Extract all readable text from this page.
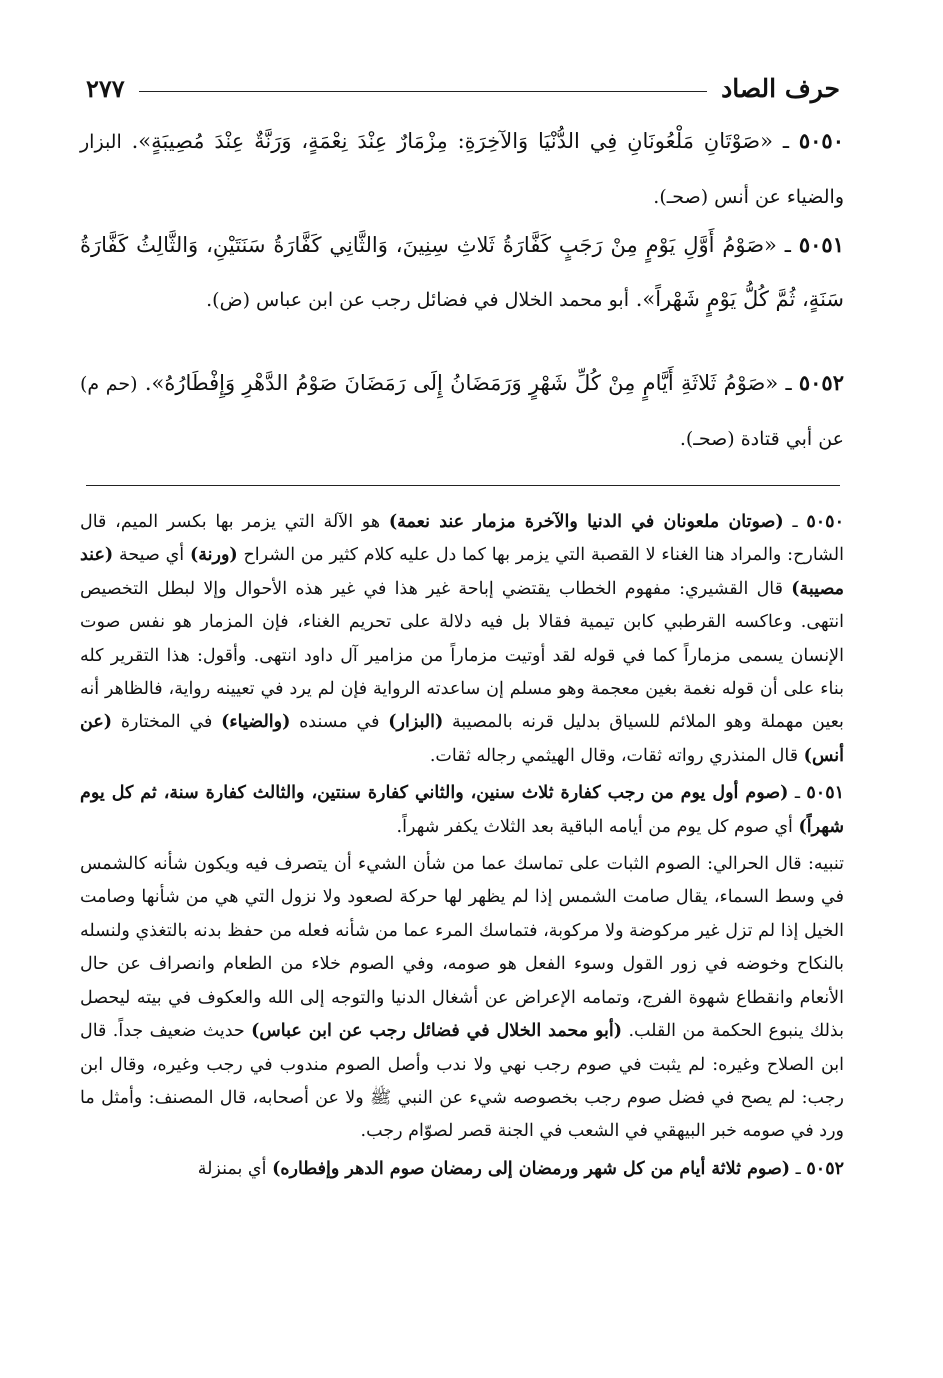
حرف الصاد
٢٧٧
٥٠٥٠ ـ «صَوْتَانِ مَلْعُونَانِ فِي الدُّنْيَا وَالآخِرَةِ: مِزْمَارٌ عِنْدَ نِعْمَةٍ، وَرَنَّةٌ عِنْدَ مُصِيبَةٍ». البزار والضياء عن أنس (صحـ).
٥٠٥١ ـ «صَوْمُ أَوَّلِ يَوْمٍ مِنْ رَجَبٍ كَفَّارَةُ ثَلاثِ سِنِينَ، وَالثَّانِي كَفَّارَةُ سَنَتَيْنِ، وَالثَّالِثُ كَفَّارَةُ سَنَةٍ، ثُمَّ كُلُّ يَوْمٍ شَهْراً». أبو محمد الخلال في فضائل رجب عن ابن عباس (ض).
٥٠٥٢ ـ «صَوْمُ ثَلاثَةِ أَيَّامٍ مِنْ كُلِّ شَهْرٍ وَرَمَضَانُ إِلَى رَمَضَانَ صَوْمُ الدَّهْرِ وَإِفْطَارُهُ». (حم م) عن أبي قتادة (صحـ).

٥٠٥٠ ـ (صوتان ملعونان في الدنيا والآخرة مزمار عند نعمة) هو الآلة التي يزمر بها بكسر الميم، قال الشارح: والمراد هنا الغناء لا القصبة التي يزمر بها كما دل عليه كلام كثير من الشراح (ورنة) أي صيحة (عند مصيبة) قال القشيري: مفهوم الخطاب يقتضي إباحة غير هذا في غير هذه الأحوال وإلا لبطل التخصيص انتهى. وعاكسه القرطبي كابن تيمية فقالا بل فيه دلالة على تحريم الغناء، فإن المزمار هو نفس صوت الإنسان يسمى مزماراً كما في قوله لقد أوتيت مزماراً من مزامير آل داود انتهى. وأقول: هذا التقرير كله بناء على أن قوله نغمة بغين معجمة وهو مسلم إن ساعدته الرواية فإن لم يرد في تعيينه رواية، فالظاهر أنه بعين مهملة وهو الملائم للسياق بدليل قرنه بالمصيبة (البزار) في مسنده (والضياء) في المختارة (عن أنس) قال المنذري رواته ثقات، وقال الهيثمي رجاله ثقات.

٥٠٥١ ـ (صوم أول يوم من رجب كفارة ثلاث سنين، والثاني كفارة سنتين، والثالث كفارة سنة، ثم كل يوم شهراً) أي صوم كل يوم من أيامه الباقية بعد الثلاث يكفر شهراً.

تنبيه: قال الحرالي: الصوم الثبات على تماسك عما من شأن الشيء أن يتصرف فيه ويكون شأنه كالشمس في وسط السماء، يقال صامت الشمس إذا لم يظهر لها حركة لصعود ولا نزول التي هي من شأنها وصامت الخيل إذا لم تزل غير مركوضة ولا مركوبة، فتماسك المرء عما من شأنه فعله من حفظ بدنه بالتغذي ولنسله بالنكاح وخوضه في زور القول وسوء الفعل هو صومه، وفي الصوم خلاء من الطعام وانصراف عن حال الأنعام وانقطاع شهوة الفرج، وتمامه الإعراض عن أشغال الدنيا والتوجه إلى الله والعكوف في بيته ليحصل بذلك ينبوع الحكمة من القلب. (أبو محمد الخلال في فضائل رجب عن ابن عباس) حديث ضعيف جداً. قال ابن الصلاح وغيره: لم يثبت في صوم رجب نهي ولا ندب وأصل الصوم مندوب في رجب وغيره، وقال ابن رجب: لم يصح في فضل صوم رجب بخصوصه شيء عن النبي ﷺ ولا عن أصحابه، قال المصنف: وأمثل ما ورد في صومه خبر البيهقي في الشعب في الجنة قصر لصوّام رجب.

٥٠٥٢ ـ (صوم ثلاثة أيام من كل شهر ورمضان إلى رمضان صوم الدهر وإفطاره) أي بمنزلة
